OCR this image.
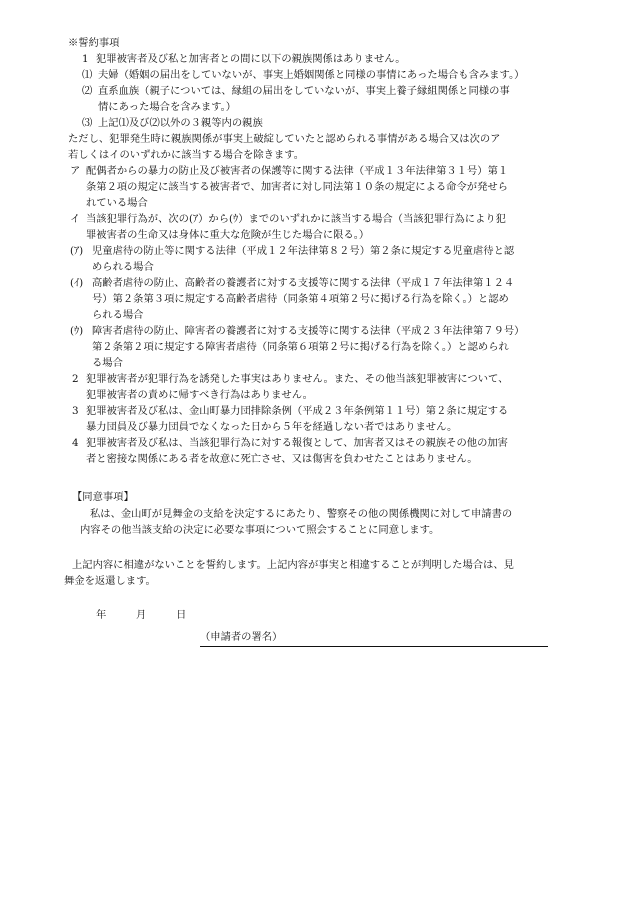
※誓約事項
1 犯罪被害者及び私と加害者との間に以下の親族関係はありません。
⑴ 夫婦（婚姻の届出をしていないが、事実上婚姻関係と同様の事情にあった場合も含みます。）
⑵ 直系血族（親子については、縁組の届出をしていないが、事実上養子縁組関係と同様の事
情にあった場合を含みます。）
⑶ 上記⑴及び⑵以外の３親等内の親族
ただし、犯罪発生時に親族関係が事実上破綻していたと認められる事情がある場合又は次のア
若しくはイのいずれかに該当する場合を除きます。
ア 配偶者からの暴力の防止及び被害者の保護等に関する法律（平成１３年法律第３１号）第１
条第２項の規定に該当する被害者で、加害者に対し同法第１０条の規定による命令が発せら
れている場合
イ 当該犯罪行為が、次の(ｱ）から(ｳ）までのいずれかに該当する場合（当該犯罪行為により犯
罪被害者の生命又は身体に重大な危険が生じた場合に限る。）
(ｱ) 児童虐待の防止等に関する法律（平成１２年法律第８２号）第２条に規定する児童虐待と認
められる場合
(ｲ) 高齢者虐待の防止、高齢者の養護者に対する支援等に関する法律（平成１７年法律第１２４
号）第２条第３項に規定する高齢者虐待（同条第４項第２号に掲げる行為を除く。）と認め
られる場合
(ｳ) 障害者虐待の防止、障害者の養護者に対する支援等に関する法律（平成２３年法律第７９号）
第２条第２項に規定する障害者虐待（同条第６項第２号に掲げる行為を除く。）と認められ
る場合
2 犯罪被害者が犯罪行為を誘発した事実はありません。また、その他当該犯罪被害について、
犯罪被害者の責めに帰すべき行為はありません。
3 犯罪被害者及び私は、金山町暴力団排除条例（平成２３年条例第１１号）第２条に規定する
暴力団員及び暴力団員でなくなった日から５年を経過しない者ではありません。
4 犯罪被害者及び私は、当該犯罪行為に対する報復として、加害者又はその親族その他の加害
者と密接な関係にある者を故意に死亡させ、又は傷害を負わせたことはありません。
【同意事項】
私は、金山町が見舞金の支給を決定するにあたり、警察その他の関係機関に対して申請書の
内容その他当該支給の決定に必要な事項について照会することに同意します。
上記内容に相違がないことを誓約します。上記内容が事実と相違することが判明した場合は、見
舞金を返還します。
年	月	日
（申請者の署名）
